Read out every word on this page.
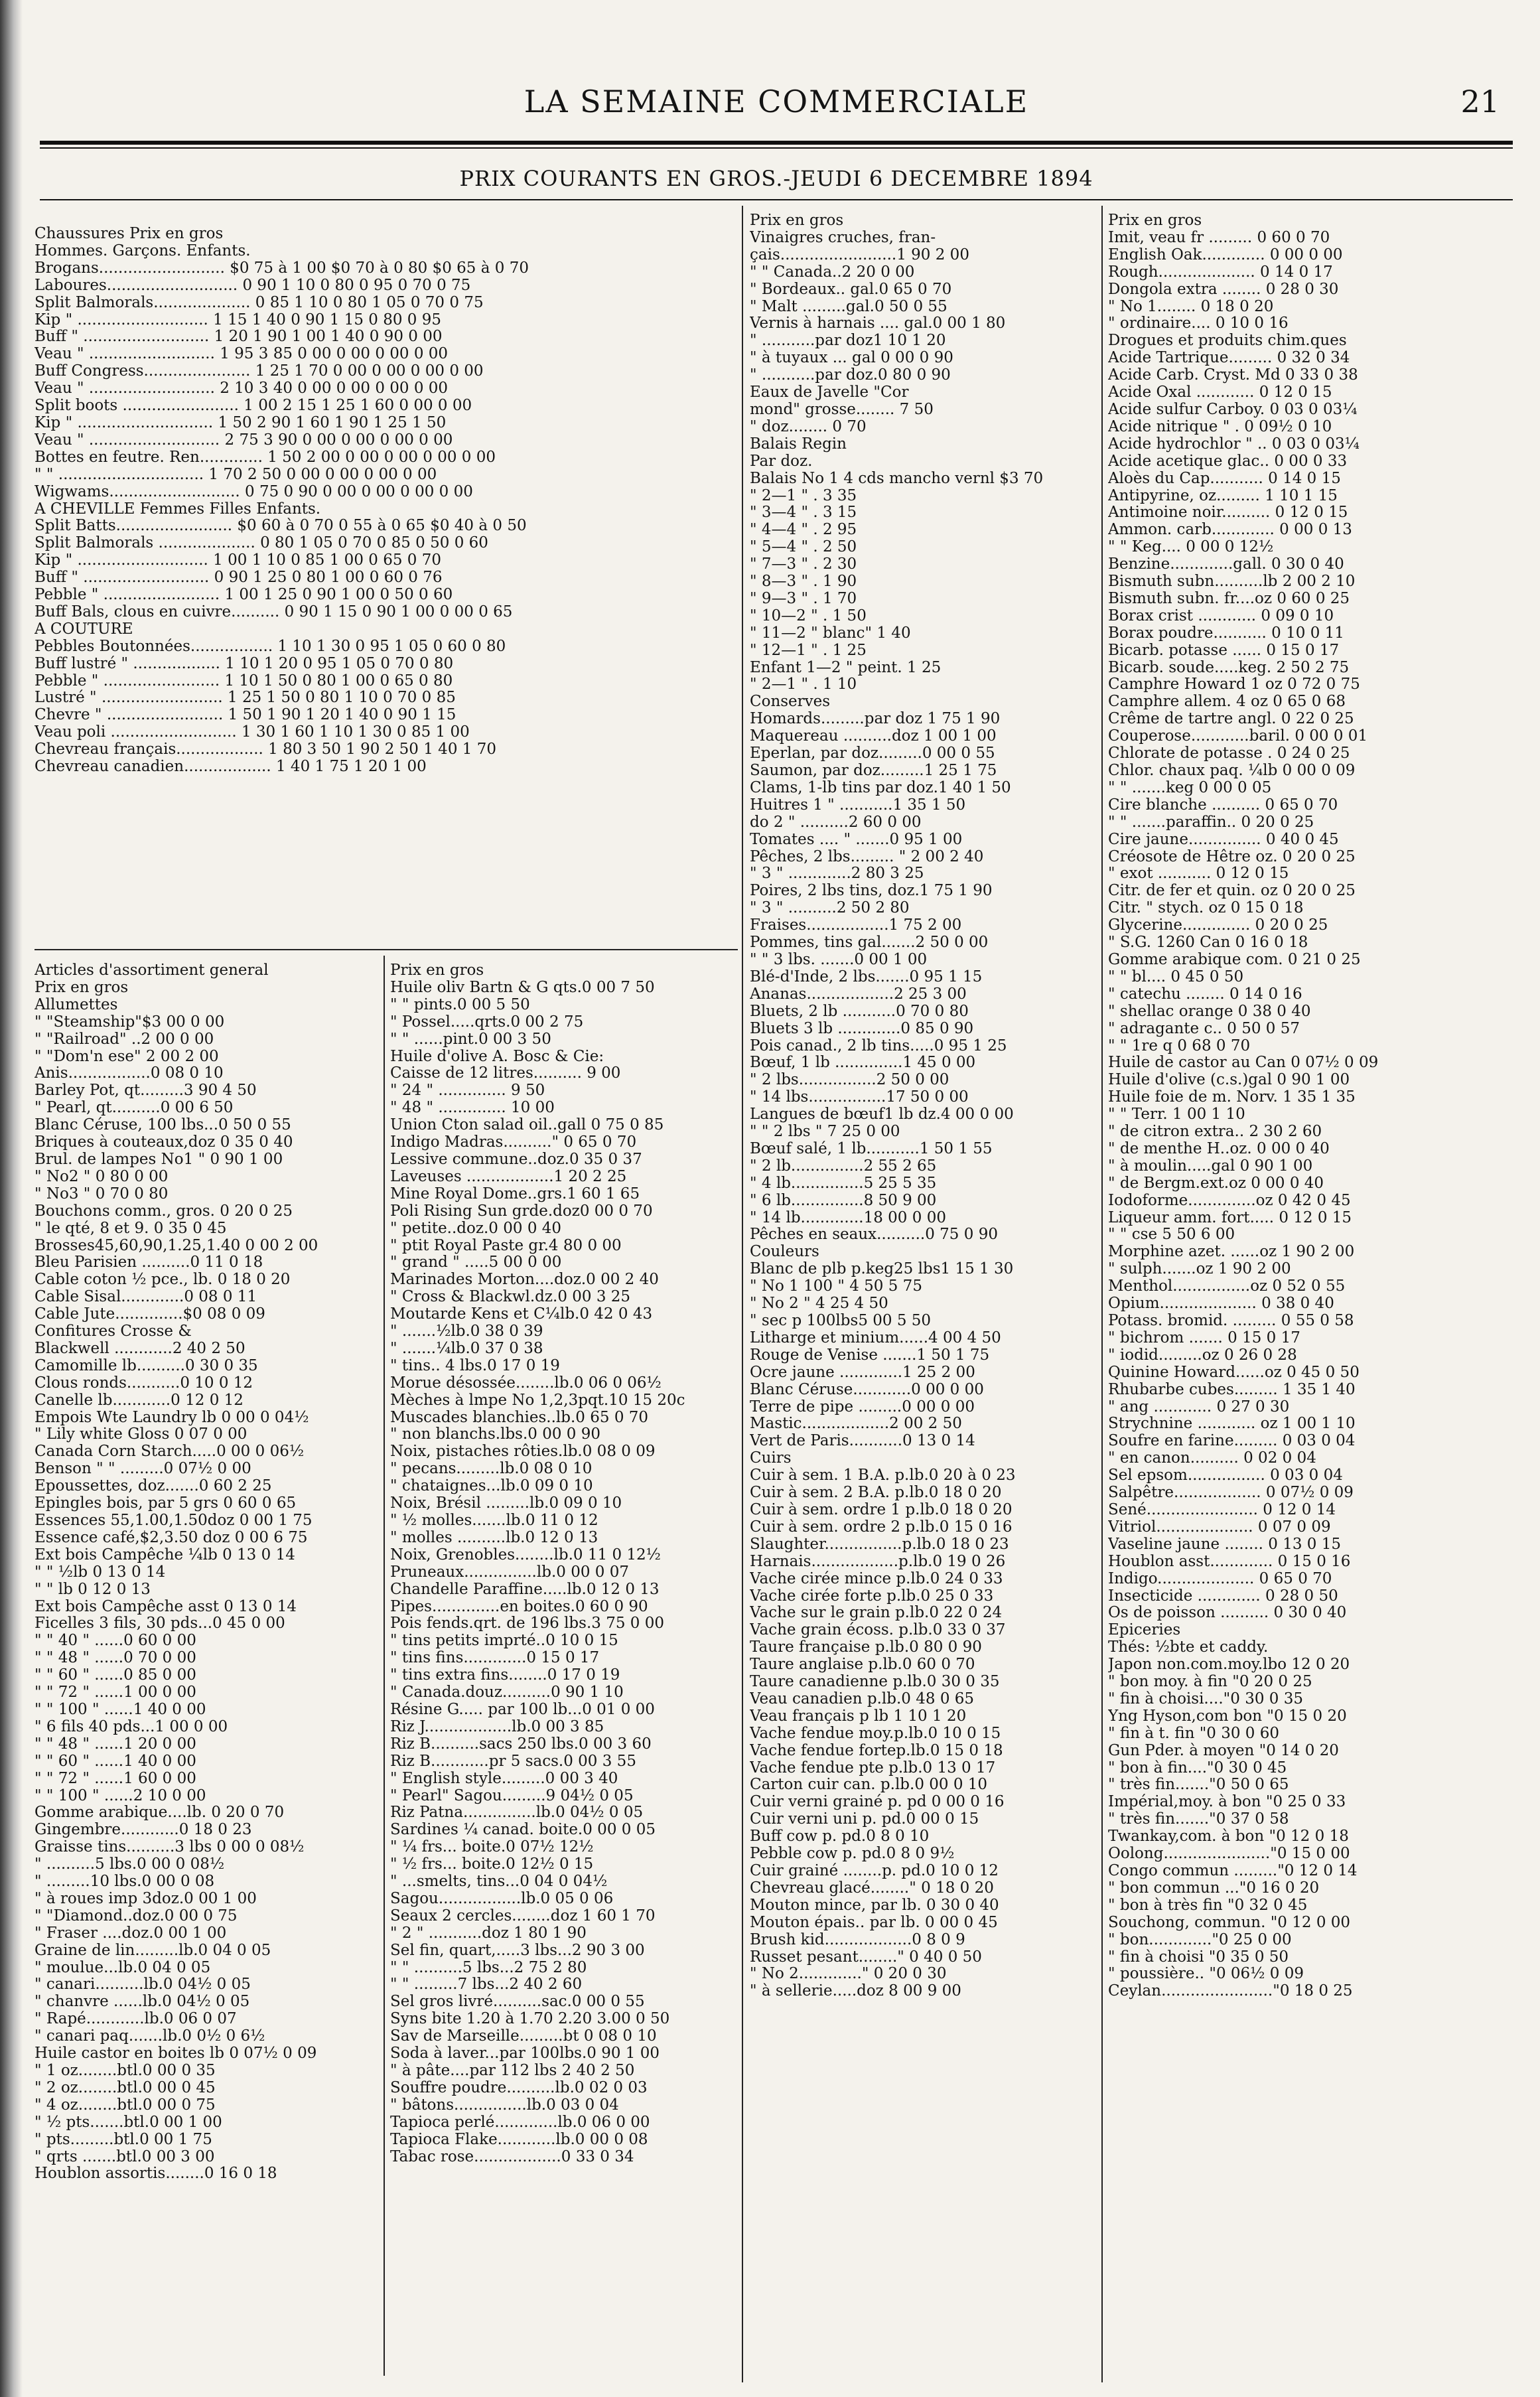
LA SEMAINE COMMERCIALE	21
PRIX COURANTS EN GROS.-JEUDI 6 DECEMBRE 1894
Chaussures Prix en gros
Hommes. Garçons. Enfants.
Brogans.......................... $0 75 à 1 00 $0 70 à 0 80 $0 65 à 0 70
Laboures........................... 0 90 1 10 0 80 0 95 0 70 0 75
Split Balmorals.................... 0 85 1 10 0 80 1 05 0 70 0 75
Kip " ........................... 1 15 1 40 0 90 1 15 0 80 0 95
Buff " .......................... 1 20 1 90 1 00 1 40 0 90 0 00
Veau " .......................... 1 95 3 85 0 00 0 00 0 00 0 00
Buff Congress...................... 1 25 1 70 0 00 0 00 0 00 0 00
Veau " .......................... 2 10 3 40 0 00 0 00 0 00 0 00
Split boots ........................ 1 00 2 15 1 25 1 60 0 00 0 00
Kip " ............................ 1 50 2 90 1 60 1 90 1 25 1 50
Veau " ........................... 2 75 3 90 0 00 0 00 0 00 0 00
Bottes en feutre. Ren............. 1 50 2 00 0 00 0 00 0 00 0 00
" " .............................. 1 70 2 50 0 00 0 00 0 00 0 00
Wigwams........................... 0 75 0 90 0 00 0 00 0 00 0 00
A CHEVILLE Femmes Filles Enfants.
Split Batts........................ $0 60 à 0 70 0 55 à 0 65 $0 40 à 0 50
Split Balmorals .................... 0 80 1 05 0 70 0 85 0 50 0 60
Kip " ........................... 1 00 1 10 0 85 1 00 0 65 0 70
Buff " .......................... 0 90 1 25 0 80 1 00 0 60 0 76
Pebble " ........................ 1 00 1 25 0 90 1 00 0 50 0 60
Buff Bals, clous en cuivre.......... 0 90 1 15 0 90 1 00 0 00 0 65
A COUTURE
Pebbles Boutonnées................. 1 10 1 30 0 95 1 05 0 60 0 80
Buff lustré " .................. 1 10 1 20 0 95 1 05 0 70 0 80
Pebble " ........................ 1 10 1 50 0 80 1 00 0 65 0 80
Lustré " ......................... 1 25 1 50 0 80 1 10 0 70 0 85
Chevre " ........................ 1 50 1 90 1 20 1 40 0 90 1 15
Veau poli .......................... 1 30 1 60 1 10 1 30 0 85 1 00
Chevreau français.................. 1 80 3 50 1 90 2 50 1 40 1 70
Chevreau canadien.................. 1 40 1 75 1 20 1 00
Articles d'assortiment general
Prix en gros
Allumettes
" "Steamship"$3 00 0 00
" "Railroad" ..2 00 0 00
" "Dom'n ese" 2 00 2 00
Anis.................0 08 0 10
Barley Pot, qt.........3 90 4 50
" Pearl, qt..........0 00 6 50
Blanc Céruse, 100 lbs...0 50 0 55
Briques à couteaux,doz 0 35 0 40
Brul. de lampes No1 " 0 90 1 00
" No2 " 0 80 0 00
" No3 " 0 70 0 80
Bouchons comm., gros. 0 20 0 25
" le qté, 8 et 9. 0 35 0 45
Brosses45,60,90,1.25,1.40 0 00 2 00
Bleu Parisien ..........0 11 0 18
Cable coton ½ pce., lb. 0 18 0 20
Cable Sisal.............0 08 0 11
Cable Jute..............$0 08 0 09
Confitures Crosse &
Blackwell ............2 40 2 50
Camomille lb..........0 30 0 35
Clous ronds...........0 10 0 12
Canelle lb............0 12 0 12
Empois Wte Laundry lb 0 00 0 04½
" Lily white Gloss 0 07 0 00
Canada Corn Starch.....0 00 0 06½
Benson " " .........0 07½ 0 00
Epoussettes, doz.......0 60 2 25
Epingles bois, par 5 grs 0 60 0 65
Essences 55,1.00,1.50doz 0 00 1 75
Essence café,$2,3.50 doz 0 00 6 75
Ext bois Campêche ¼lb 0 13 0 14
" " ½lb 0 13 0 14
" " lb 0 12 0 13
Ext bois Campêche asst 0 13 0 14
Ficelles 3 fils, 30 pds...0 45 0 00
" " 40 " ......0 60 0 00
" " 48 " ......0 70 0 00
" " 60 " ......0 85 0 00
" " 72 " ......1 00 0 00
" " 100 " ......1 40 0 00
" 6 fils 40 pds...1 00 0 00
" " 48 " ......1 20 0 00
" " 60 " ......1 40 0 00
" " 72 " ......1 60 0 00
" " 100 " ......2 10 0 00
Gomme arabique....lb. 0 20 0 70
Gingembre............0 18 0 23
Graisse tins..........3 lbs 0 00 0 08½
" ..........5 lbs.0 00 0 08½
" .........10 lbs.0 00 0 08
" à roues imp 3doz.0 00 1 00
" "Diamond..doz.0 00 0 75
" Fraser ....doz.0 00 1 00
Graine de lin.........lb.0 04 0 05
" moulue...lb.0 04 0 05
" canari..........lb.0 04½ 0 05
" chanvre ......lb.0 04½ 0 05
" Rapé............lb.0 06 0 07
" canari paq.......lb.0 0½ 0 6½
Huile castor en boites lb 0 07½ 0 09
" 1 oz........btl.0 00 0 35
" 2 oz........btl.0 00 0 45
" 4 oz........btl.0 00 0 75
" ½ pts.......btl.0 00 1 00
" pts.........btl.0 00 1 75
" qrts .......btl.0 00 3 00
Houblon assortis........0 16 0 18
Prix en gros
Huile oliv Bartn & G qts.0 00 7 50
" " pints.0 00 5 50
" Possel.....qrts.0 00 2 75
" " ......pint.0 00 3 50
Huile d'olive A. Bosc & Cie:
Caisse de 12 litres.......... 9 00
" 24 " .............. 9 50
" 48 " .............. 10 00
Union Cton salad oil..gall 0 75 0 85
Indigo Madras.........." 0 65 0 70
Lessive commune..doz.0 35 0 37
Laveuses ..................1 20 2 25
Mine Royal Dome..grs.1 60 1 65
Poli Rising Sun grde.doz0 00 0 70
" petite..doz.0 00 0 40
" ptit Royal Paste gr.4 80 0 00
" grand " .....5 00 0 00
Marinades Morton....doz.0 00 2 40
" Cross & Blackwl.dz.0 00 3 25
Moutarde Kens et C¼lb.0 42 0 43
" .......½lb.0 38 0 39
" .......¼lb.0 37 0 38
" tins.. 4 lbs.0 17 0 19
Morue désossée........lb.0 06 0 06½
Mèches à lmpe No 1,2,3pqt.10 15 20c
Muscades blanchies..lb.0 65 0 70
" non blanchs.lbs.0 00 0 90
Noix, pistaches rôties.lb.0 08 0 09
" pecans.........lb.0 08 0 10
" chataignes...lb.0 09 0 10
Noix, Brésil .........lb.0 09 0 10
" ½ molles.......lb.0 11 0 12
" molles ..........lb.0 12 0 13
Noix, Grenobles........lb.0 11 0 12½
Pruneaux...............lb.0 00 0 07
Chandelle Paraffine.....lb.0 12 0 13
Pipes..............en boites.0 60 0 90
Pois fends.qrt. de 196 lbs.3 75 0 00
" tins petits imprté..0 10 0 15
" tins fins.............0 15 0 17
" tins extra fins........0 17 0 19
" Canada.douz..........0 90 1 10
Résine G..... par 100 lb...0 01 0 00
Riz J..................lb.0 00 3 85
Riz B..........sacs 250 lbs.0 00 3 60
Riz B............pr 5 sacs.0 00 3 55
" English style.........0 00 3 40
" Pearl" Sagou.........9 04½ 0 05
Riz Patna...............lb.0 04½ 0 05
Sardines ¼ canad. boite.0 00 0 05
" ¼ frs... boite.0 07½ 12½
" ½ frs... boite.0 12½ 0 15
" ...smelts, tins...0 04 0 04½
Sagou.................lb.0 05 0 06
Seaux 2 cercles........doz 1 60 1 70
" 2 " ...........doz 1 80 1 90
Sel fin, quart,.....3 lbs...2 90 3 00
" " ..........5 lbs...2 75 2 80
" " .........7 lbs...2 40 2 60
Sel gros livré..........sac.0 00 0 55
Syns bite 1.20 à 1.70 2.20 3.00 0 50
Sav de Marseille.........bt 0 08 0 10
Soda à laver...par 100lbs.0 90 1 00
" à pâte....par 112 lbs 2 40 2 50
Souffre poudre..........lb.0 02 0 03
" bâtons...............lb.0 03 0 04
Tapioca perlé.............lb.0 06 0 00
Tapioca Flake............lb.0 00 0 08
Tabac rose..................0 33 0 34
Prix en gros
Vinaigres cruches, fran-
çais........................1 90 2 00
" " Canada..2 20 0 00
" Bordeaux.. gal.0 65 0 70
" Malt .........gal.0 50 0 55
Vernis à harnais .... gal.0 00 1 80
" ...........par doz1 10 1 20
" à tuyaux ... gal 0 00 0 90
" ...........par doz.0 80 0 90
Eaux de Javelle "Cor
mond" grosse........ 7 50
" doz........ 0 70
Balais Regin
Par doz.
Balais No 1 4 cds mancho vernl $3 70
" 2—1 " . 3 35
" 3—4 " . 3 15
" 4—4 " . 2 95
" 5—4 " . 2 50
" 7—3 " . 2 30
" 8—3 " . 1 90
" 9—3 " . 1 70
" 10—2 " . 1 50
" 11—2 " blanc" 1 40
" 12—1 " . 1 25
Enfant 1—2 " peint. 1 25
" 2—1 " . 1 10
Conserves
Homards.........par doz 1 75 1 90
Maquereau ..........doz 1 00 1 00
Eperlan, par doz.........0 00 0 55
Saumon, par doz.........1 25 1 75
Clams, 1-lb tins par doz.1 40 1 50
Huitres 1 " ...........1 35 1 50
do 2 " ..........2 60 0 00
Tomates .... " .......0 95 1 00
Pêches, 2 lbs......... " 2 00 2 40
" 3 " .............2 80 3 25
Poires, 2 lbs tins, doz.1 75 1 90
" 3 " ..........2 50 2 80
Fraises.................1 75 2 00
Pommes, tins gal.......2 50 0 00
" " 3 lbs. .......0 00 1 00
Blé-d'Inde, 2 lbs.......0 95 1 15
Ananas..................2 25 3 00
Bluets, 2 lb ...........0 70 0 80
Bluets 3 lb .............0 85 0 90
Pois canad., 2 lb tins.....0 95 1 25
Bœuf, 1 lb ..............1 45 0 00
" 2 lbs................2 50 0 00
" 14 lbs................17 50 0 00
Langues de bœuf1 lb dz.4 00 0 00
" " 2 lbs " 7 25 0 00
Bœuf salé, 1 lb...........1 50 1 55
" 2 lb...............2 55 2 65
" 4 lb...............5 25 5 35
" 6 lb...............8 50 9 00
" 14 lb.............18 00 0 00
Pêches en seaux..........0 75 0 90
Couleurs
Blanc de plb p.keg25 lbs1 15 1 30
" No 1 100 " 4 50 5 75
" No 2 " 4 25 4 50
" sec p 100lbs5 00 5 50
Litharge et minium......4 00 4 50
Rouge de Venise .......1 50 1 75
Ocre jaune .............1 25 2 00
Blanc Céruse............0 00 0 00
Terre de pipe .........0 00 0 00
Mastic..................2 00 2 50
Vert de Paris...........0 13 0 14
Cuirs
Cuir à sem. 1 B.A. p.lb.0 20 à 0 23
Cuir à sem. 2 B.A. p.lb.0 18 0 20
Cuir à sem. ordre 1 p.lb.0 18 0 20
Cuir à sem. ordre 2 p.lb.0 15 0 16
Slaughter................p.lb.0 18 0 23
Harnais..................p.lb.0 19 0 26
Vache cirée mince p.lb.0 24 0 33
Vache cirée forte p.lb.0 25 0 33
Vache sur le grain p.lb.0 22 0 24
Vache grain écoss. p.lb.0 33 0 37
Taure française p.lb.0 80 0 90
Taure anglaise p.lb.0 60 0 70
Taure canadienne p.lb.0 30 0 35
Veau canadien p.lb.0 48 0 65
Veau français p lb 1 10 1 20
Vache fendue moy.p.lb.0 10 0 15
Vache fendue fortep.lb.0 15 0 18
Vache fendue pte p.lb.0 13 0 17
Carton cuir can. p.lb.0 00 0 10
Cuir verni grainé p. pd 0 00 0 16
Cuir verni uni p. pd.0 00 0 15
Buff cow p. pd.0 8 0 10
Pebble cow p. pd.0 8 0 9½
Cuir grainé ........p. pd.0 10 0 12
Chevreau glacé........" 0 18 0 20
Mouton mince, par lb. 0 30 0 40
Mouton épais.. par lb. 0 00 0 45
Brush kid..................0 8 0 9
Russet pesant........" 0 40 0 50
" No 2............." 0 20 0 30
" à sellerie.....doz 8 00 9 00
Prix en gros
Imit, veau fr ......... 0 60 0 70
English Oak............. 0 00 0 00
Rough.................... 0 14 0 17
Dongola extra ........ 0 28 0 30
" No 1........ 0 18 0 20
" ordinaire.... 0 10 0 16
Drogues et produits chim.ques
Acide Tartrique......... 0 32 0 34
Acide Carb. Cryst. Md 0 33 0 38
Acide Oxal ............ 0 12 0 15
Acide sulfur Carboy. 0 03 0 03¼
Acide nitrique " . 0 09½ 0 10
Acide hydrochlor " .. 0 03 0 03¼
Acide acetique glac.. 0 00 0 33
Aloès du Cap........... 0 14 0 15
Antipyrine, oz......... 1 10 1 15
Antimoine noir.......... 0 12 0 15
Ammon. carb............. 0 00 0 13
" " Keg.... 0 00 0 12½
Benzine.............gall. 0 30 0 40
Bismuth subn..........lb 2 00 2 10
Bismuth subn. fr....oz 0 60 0 25
Borax crist ............ 0 09 0 10
Borax poudre........... 0 10 0 11
Bicarb. potasse ...... 0 15 0 17
Bicarb. soude.....keg. 2 50 2 75
Camphre Howard 1 oz 0 72 0 75
Camphre allem. 4 oz 0 65 0 68
Crême de tartre angl. 0 22 0 25
Couperose............baril. 0 00 0 01
Chlorate de potasse . 0 24 0 25
Chlor. chaux paq. ¼lb 0 00 0 09
" " .......keg 0 00 0 05
Cire blanche .......... 0 65 0 70
" " .......paraffin.. 0 20 0 25
Cire jaune............... 0 40 0 45
Créosote de Hêtre oz. 0 20 0 25
" exot ........... 0 12 0 15
Citr. de fer et quin. oz 0 20 0 25
Citr. " stych. oz 0 15 0 18
Glycerine.............. 0 20 0 25
" S.G. 1260 Can 0 16 0 18
Gomme arabique com. 0 21 0 25
" " bl.... 0 45 0 50
" catechu ........ 0 14 0 16
" shellac orange 0 38 0 40
" adragante c.. 0 50 0 57
" " 1re q 0 68 0 70
Huile de castor au Can 0 07½ 0 09
Huile d'olive (c.s.)gal 0 90 1 00
Huile foie de m. Norv. 1 35 1 35
" " Terr. 1 00 1 10
" de citron extra.. 2 30 2 60
" de menthe H..oz. 0 00 0 40
" à moulin.....gal 0 90 1 00
" de Bergm.ext.oz 0 00 0 40
Iodoforme..............oz 0 42 0 45
Liqueur amm. fort..... 0 12 0 15
" " cse 5 50 6 00
Morphine azet. ......oz 1 90 2 00
" sulph.......oz 1 90 2 00
Menthol................oz 0 52 0 55
Opium.................... 0 38 0 40
Potass. bromid. ......... 0 55 0 58
" bichrom ....... 0 15 0 17
" iodid.........oz 0 26 0 28
Quinine Howard......oz 0 45 0 50
Rhubarbe cubes......... 1 35 1 40
" ang ............ 0 27 0 30
Strychnine ............ oz 1 00 1 10
Soufre en farine......... 0 03 0 04
" en canon.......... 0 02 0 04
Sel epsom................ 0 03 0 04
Salpêtre.................. 0 07½ 0 09
Sené....................... 0 12 0 14
Vitriol.................... 0 07 0 09
Vaseline jaune ........ 0 13 0 15
Houblon asst............. 0 15 0 16
Indigo.................... 0 65 0 70
Insecticide ............. 0 28 0 50
Os de poisson .......... 0 30 0 40
Epiceries
Thés: ½bte et caddy.
Japon non.com.moy.lbo 12 0 20
" bon moy. à fin "0 20 0 25
" fin à choisi...."0 30 0 35
Yng Hyson,com bon "0 15 0 20
" fin à t. fin "0 30 0 60
Gun Pder. à moyen "0 14 0 20
" bon à fin...."0 30 0 45
" très fin......."0 50 0 65
Impérial,moy. à bon "0 25 0 33
" très fin......."0 37 0 58
Twankay,com. à bon "0 12 0 18
Oolong......................"0 15 0 00
Congo commun ........."0 12 0 14
" bon commun ..."0 16 0 20
" bon à très fin "0 32 0 45
Souchong, commun. "0 12 0 00
" bon............."0 25 0 00
" fin à choisi "0 35 0 50
" poussière.. "0 06½ 0 09
Ceylan......................."0 18 0 25
